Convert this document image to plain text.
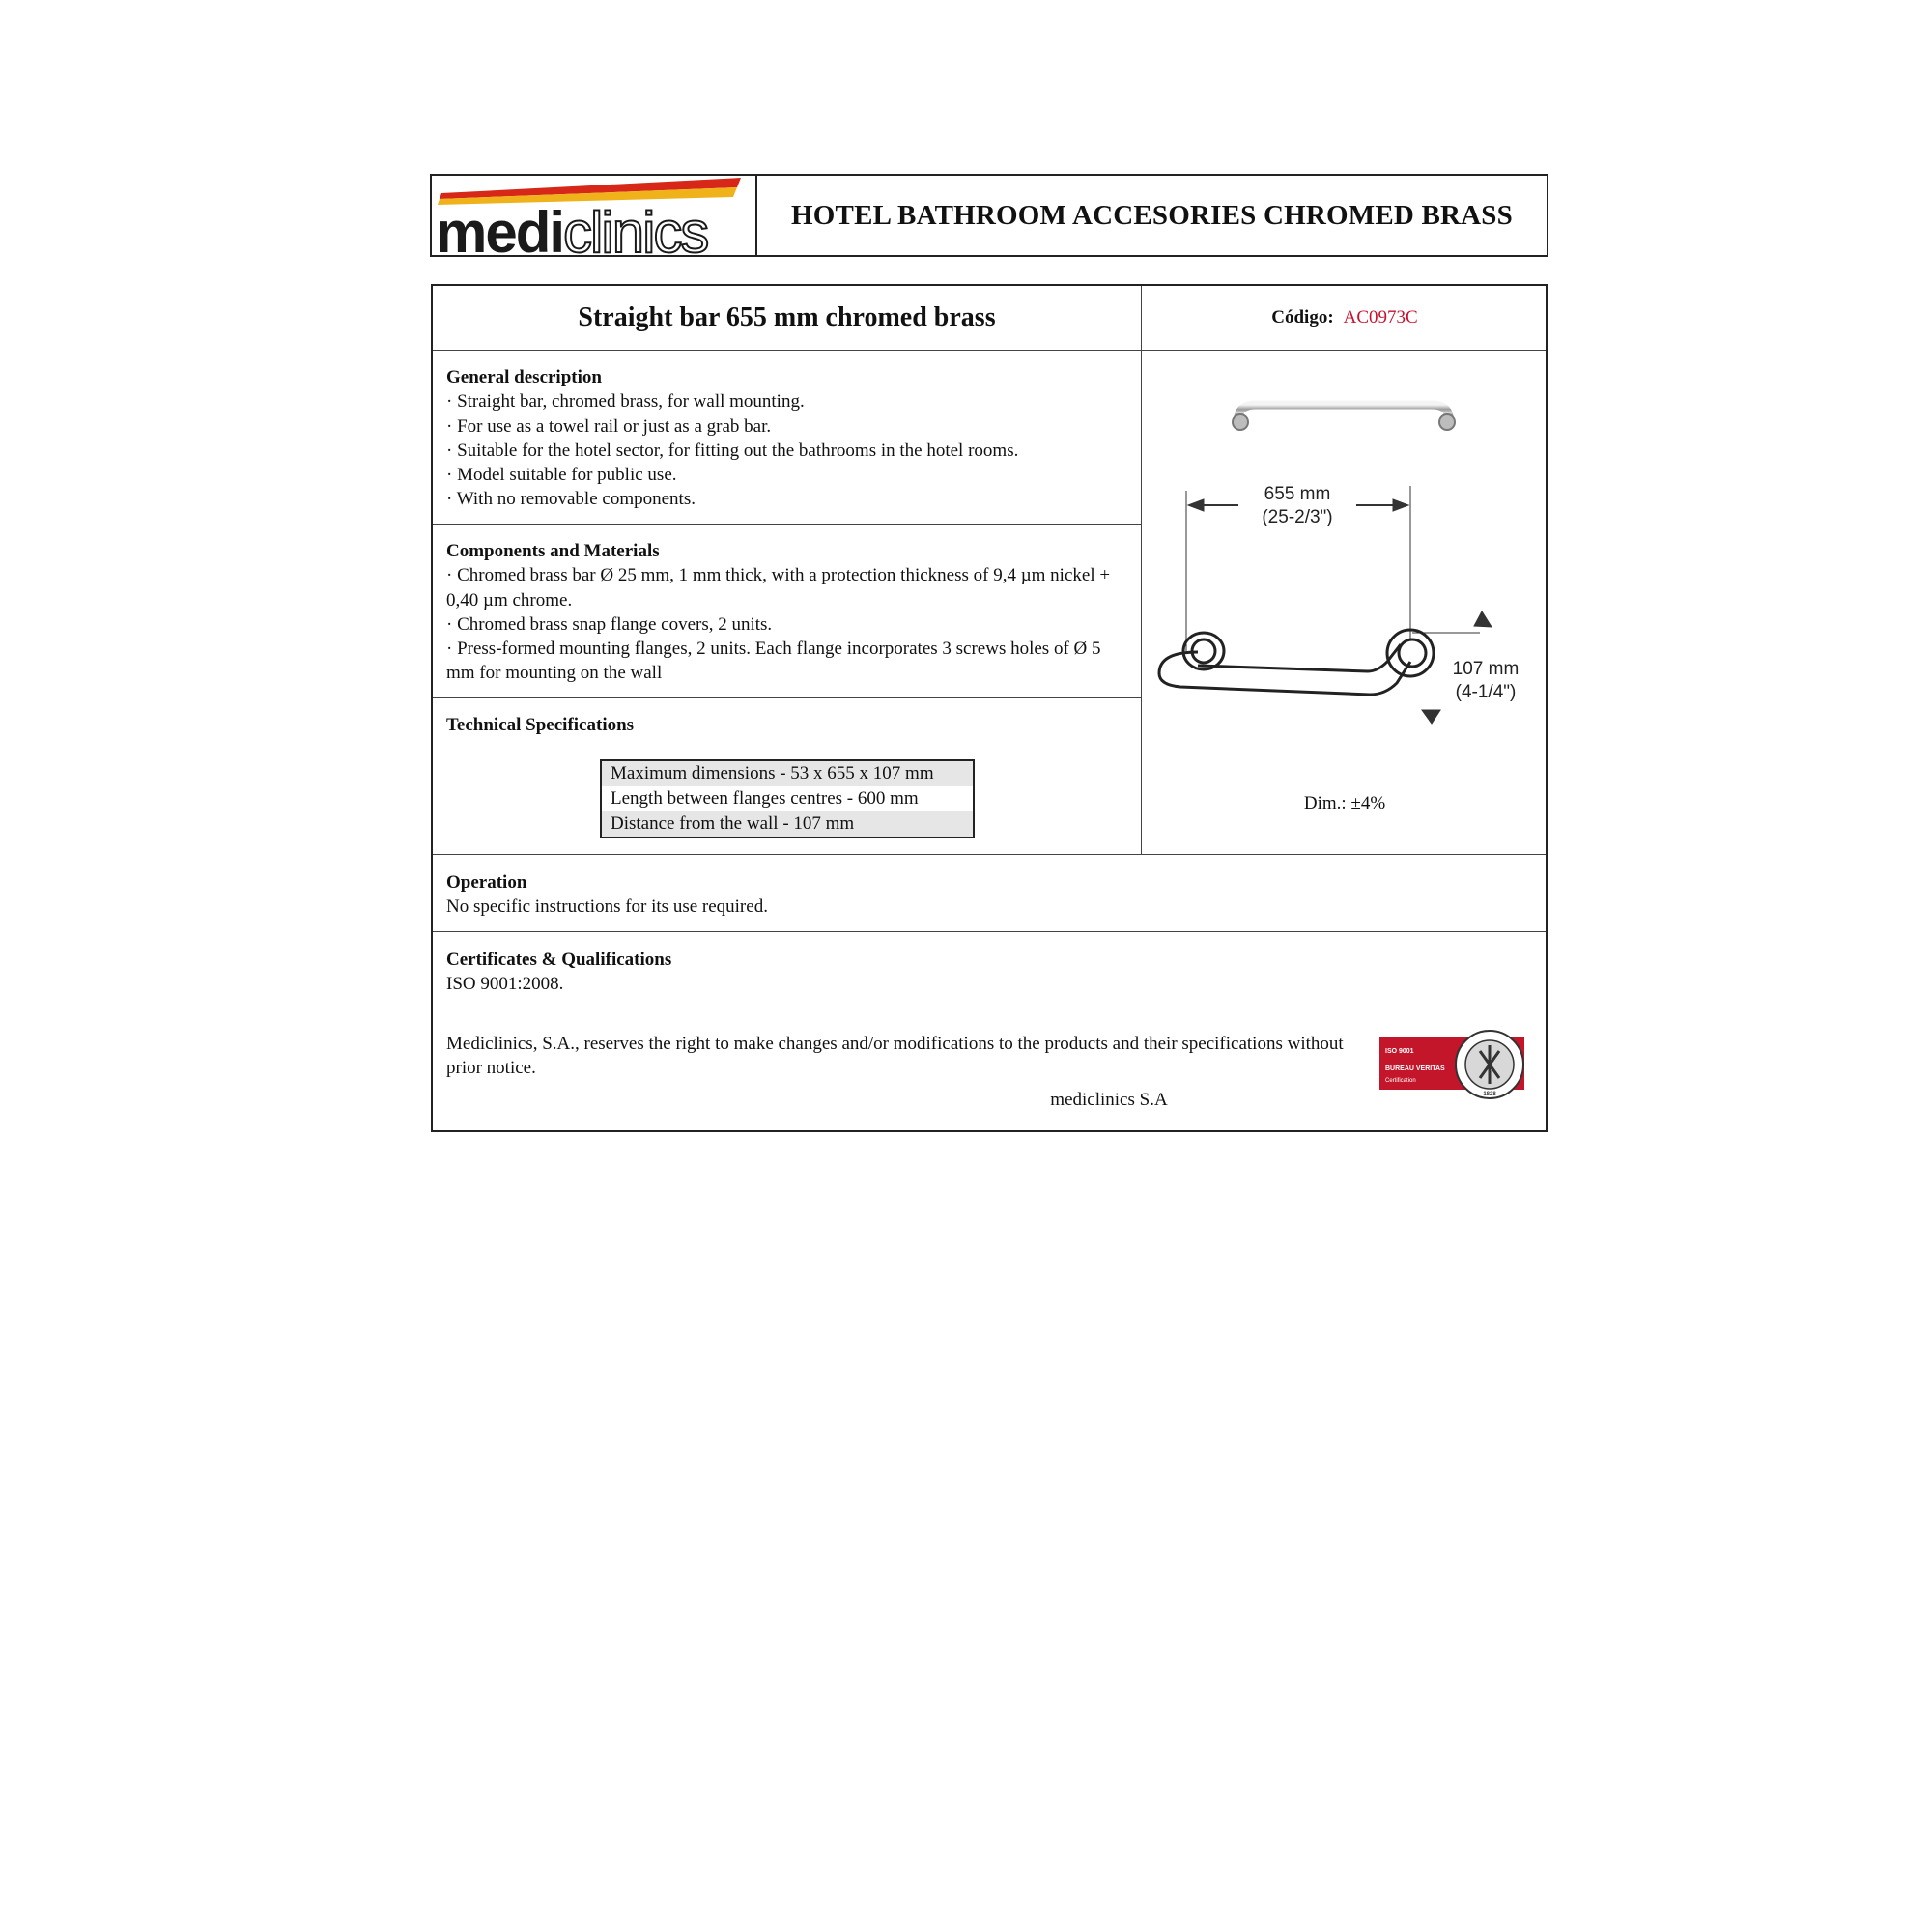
mediclinics	HOTEL BATHROOM ACCESORIES CHROMED BRASS
Straight bar 655 mm chromed brass	Código: AC0973C
General description

· Straight bar, chromed brass, for wall mounting.

· For use as a towel rail or just as a grab bar.

· Suitable for the hotel sector, for fitting out the bathrooms in the hotel rooms.

· Model suitable for public use.

· With no removable components.

Components and Materials

· Chromed brass bar Ø 25 mm, 1 mm thick, with a protection thickness of 9,4 µm nickel + 0,40 µm chrome.

· Chromed brass snap flange covers, 2 units.

· Press-formed mounting flanges, 2 units. Each flange incorporates 3 screws holes of Ø 5 mm for mounting on the wall

Technical Specifications
Maximum dimensions - 53 x 655 x 107 mm
Length between flanges centres - 600 mm
Distance from the wall - 107 mm
655 mm
(25-2/3")
107 mm
(4-1/4")
Dim.: ±4%
Operation

No specific instructions for its use required.

Certificates & Qualifications

ISO 9001:2008.

Mediclinics, S.A., reserves the right to make changes and/or modifications to the products and their specifications without prior notice.
mediclinics S.A
ISO 9001
BUREAU VERITAS
Certification
1828
